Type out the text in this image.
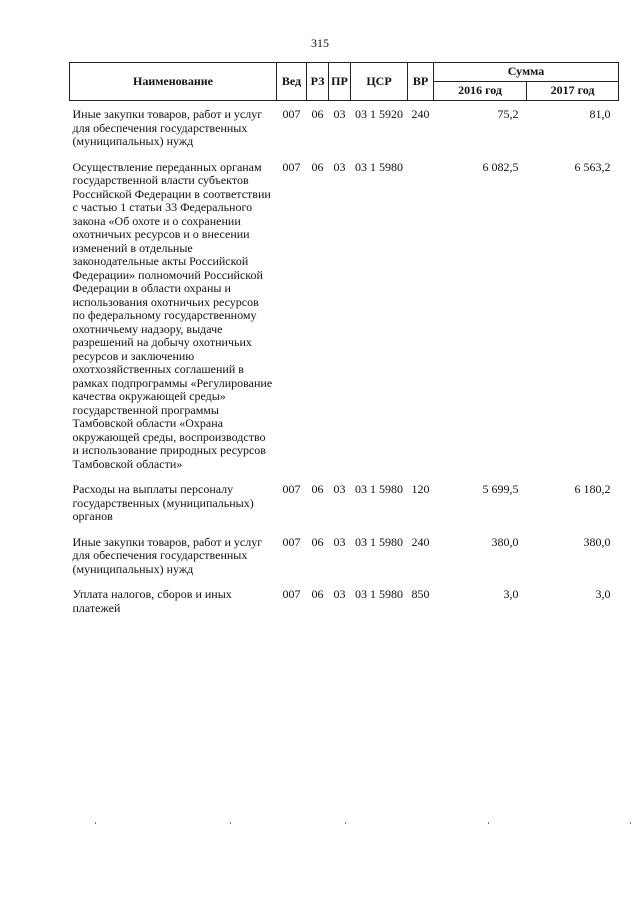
315
Наименование	Вед	РЗ	ПР	ЦСР	ВР	Сумма	
						2016 год	2017 год
Иные закупки товаров, работ и услуг для обеспечения государственных (муниципальных) нужд	007	06	03	03 1 5920	240	75,2	81,0
Осуществление переданных органам государственной власти субъектов Российской Федерации в соответствии с частью 1 статьи 33 Федерального закона «Об охоте и о сохранении охотничьих ресурсов и о внесении изменений в отдельные законодательные акты Российской Федерации» полномочий Российской Федерации в области охраны и использования охотничьих ресурсов по федеральному государственному охотничьему надзору, выдаче разрешений на добычу охотничьих ресурсов и заключению охотхозяйственных соглашений в рамках подпрограммы «Регулирование качества окружающей среды» государственной программы Тамбовской области «Охрана окружающей среды, воспроизводство и использование природных ресурсов Тамбовской области»	007	06	03	03 1 5980		6 082,5	6 563,2
Расходы на выплаты персоналу государственных (муниципальных) органов	007	06	03	03 1 5980	120	5 699,5	6 180,2
Иные закупки товаров, работ и услуг для обеспечения государственных (муниципальных) нужд	007	06	03	03 1 5980	240	380,0	380,0
Уплата налогов, сборов и иных платежей	007	06	03	03 1 5980	850	3,0	3,0
